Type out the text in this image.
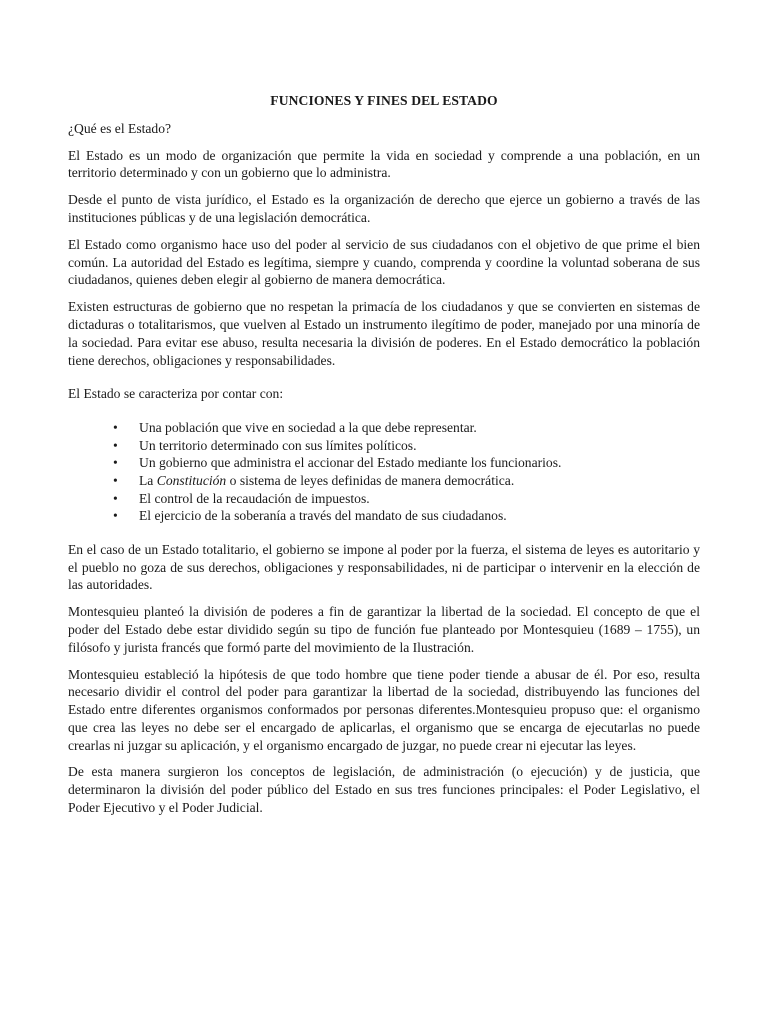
FUNCIONES Y FINES DEL ESTADO
¿Qué es el Estado?

El Estado es un modo de organización que permite la vida en sociedad y comprende a una población, en un territorio determinado y con un gobierno que lo administra.

Desde el punto de vista jurídico, el Estado es la organización de derecho que ejerce un gobierno a través de las instituciones públicas y de una legislación democrática.

El Estado como organismo hace uso del poder al servicio de sus ciudadanos con el objetivo de que prime el bien común. La autoridad del Estado es legítima, siempre y cuando, comprenda y coordine la voluntad soberana de sus ciudadanos, quienes deben elegir al gobierno de manera democrática.

Existen estructuras de gobierno que no respetan la primacía de los ciudadanos y que se convierten en sistemas de dictaduras o totalitarismos, que vuelven al Estado un instrumento ilegítimo de poder, manejado por una minoría de la sociedad. Para evitar ese abuso, resulta necesaria la división de poderes. En el Estado democrático la población tiene derechos, obligaciones y responsabilidades.

El Estado se caracteriza por contar con:
• Una población que vive en sociedad a la que debe representar.
• Un territorio determinado con sus límites políticos.
• Un gobierno que administra el accionar del Estado mediante los funcionarios.
• La Constitución o sistema de leyes definidas de manera democrática.
• El control de la recaudación de impuestos.
• El ejercicio de la soberanía a través del mandato de sus ciudadanos.

En el caso de un Estado totalitario, el gobierno se impone al poder por la fuerza, el sistema de leyes es autoritario y el pueblo no goza de sus derechos, obligaciones y responsabilidades, ni de participar o intervenir en la elección de las autoridades.

Montesquieu planteó la división de poderes a fin de garantizar la libertad de la sociedad. El concepto de que el poder del Estado debe estar dividido según su tipo de función fue planteado por Montesquieu (1689 – 1755), un filósofo y jurista francés que formó parte del movimiento de la Ilustración.

Montesquieu estableció la hipótesis de que todo hombre que tiene poder tiende a abusar de él. Por eso, resulta necesario dividir el control del poder para garantizar la libertad de la sociedad, distribuyendo las funciones del Estado entre diferentes organismos conformados por personas diferentes.Montesquieu propuso que: el organismo que crea las leyes no debe ser el encargado de aplicarlas, el organismo que se encarga de ejecutarlas no puede crearlas ni juzgar su aplicación, y el organismo encargado de juzgar, no puede crear ni ejecutar las leyes.

De esta manera surgieron los conceptos de legislación, de administración (o ejecución) y de justicia, que determinaron la división del poder público del Estado en sus tres funciones principales: el Poder Legislativo, el Poder Ejecutivo y el Poder Judicial.
